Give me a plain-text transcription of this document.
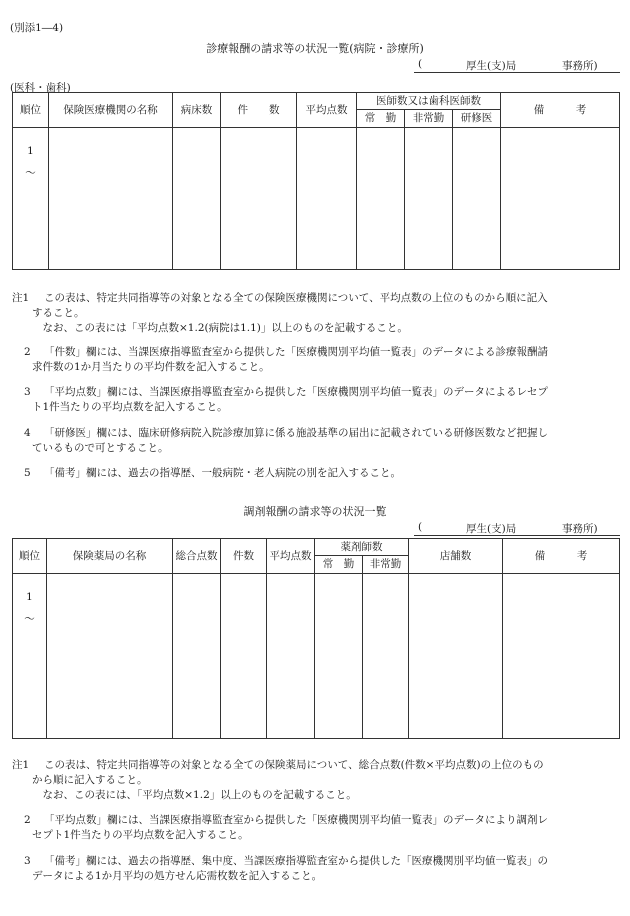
(別添1―4)
診療報酬の請求等の状況一覧(病院・診療所)
(	厚生(支)局	事務所)
(医科・歯科)
順位	保険医療機関の名称	病床数	件　　数	平均点数	医師数又は歯科医師数			備　　　考
					常　勤	非常勤	研修医	

1
〜								

注1	この表は、特定共同指導等の対象となる全ての保険医療機関について、平均点数の上位のものから順に記入
すること。
　なお、この表には「平均点数×1.2(病院は1.1)」以上のものを記載すること。
2	「件数」欄には、当課医療指導監査室から提供した「医療機関別平均値一覧表」のデータによる診療報酬請
求件数の1か月当たりの平均件数を記入すること。
3	「平均点数」欄には、当課医療指導監査室から提供した「医療機関別平均値一覧表」のデータによるレセプ
ト1件当たりの平均点数を記入すること。
4	「研修医」欄には、臨床研修病院入院診療加算に係る施設基準の届出に記載されている研修医数など把握し
ているもので可とすること。
5	「備考」欄には、過去の指導歴、一般病院・老人病院の別を記入すること。
調剤報酬の請求等の状況一覧
(	厚生(支)局	事務所)
順位	保険薬局の名称	総合点数	件数	平均点数	薬剤師数		店舗数	備　　　考
					常　勤	非常勤		

1
〜								

注1	この表は、特定共同指導等の対象となる全ての保険薬局について、総合点数(件数×平均点数)の上位のもの
から順に記入すること。
　なお、この表には、「平均点数×1.2」以上のものを記載すること。
2	「平均点数」欄には、当課医療指導監査室から提供した「医療機関別平均値一覧表」のデータにより調剤レ
セプト1件当たりの平均点数を記入すること。
3	「備考」欄には、過去の指導歴、集中度、当課医療指導監査室から提供した「医療機関別平均値一覧表」の
データによる1か月平均の処方せん応需枚数を記入すること。
